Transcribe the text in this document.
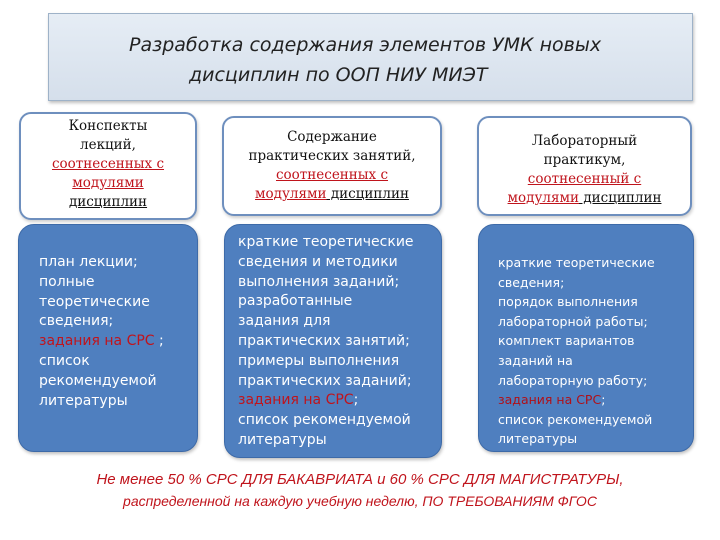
Разработка содержания элементов УМК новых
дисциплин по ООП НИУ МИЭТ
Конспекты
лекций,
соотнесенных с
модулями
дисциплин
Содержание
практических занятий,
соотнесенных с
модулями дисциплин
Лабораторный
практикум,
соотнесенный с
модулями дисциплин
план лекции;
полные
теоретические
сведения;
задания на СРС ;
список
рекомендуемой
литературы
краткие теоретические
сведения и методики
выполнения заданий;
разработанные
задания для
практических занятий;
примеры выполнения
практических заданий;
задания на СРС;
список рекомендуемой
литературы
краткие теоретические
сведения;
порядок выполнения
лабораторной работы;
комплект вариантов
заданий на
лабораторную работу;
задания на СРС;
список рекомендуемой
литературы
Не менее 50 % СРС ДЛЯ БАКАВРИАТА и 60 % СРС ДЛЯ МАГИСТРАТУРЫ,
распределенной на каждую учебную неделю, ПО ТРЕБОВАНИЯМ ФГОС
